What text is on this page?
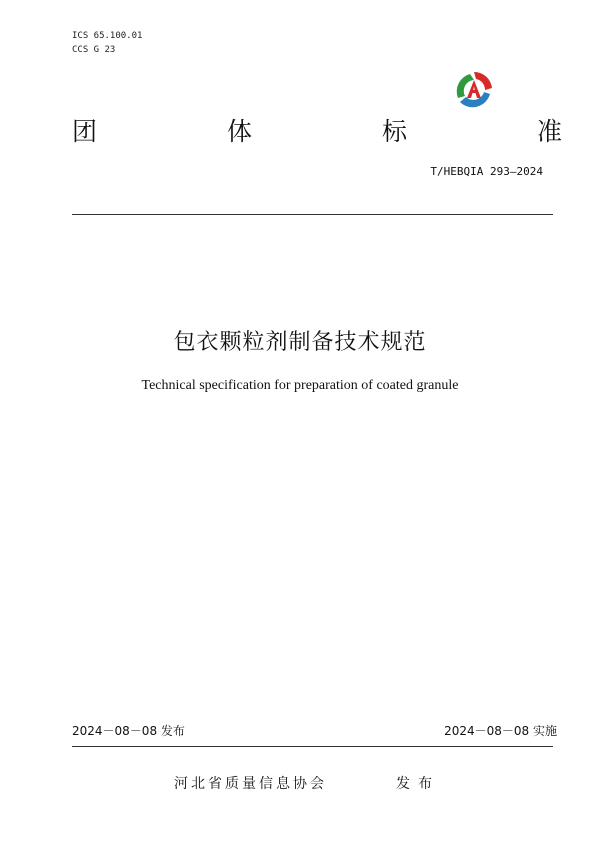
ICS 65.100.01
CCS G 23
团	体	标	准
T/HEBQIA 293—2024
包衣颗粒剂制备技术规范
Technical specification for preparation of coated granule
2024－08－08 发布	2024－08－08 实施
河北省质量信息协会	发布
